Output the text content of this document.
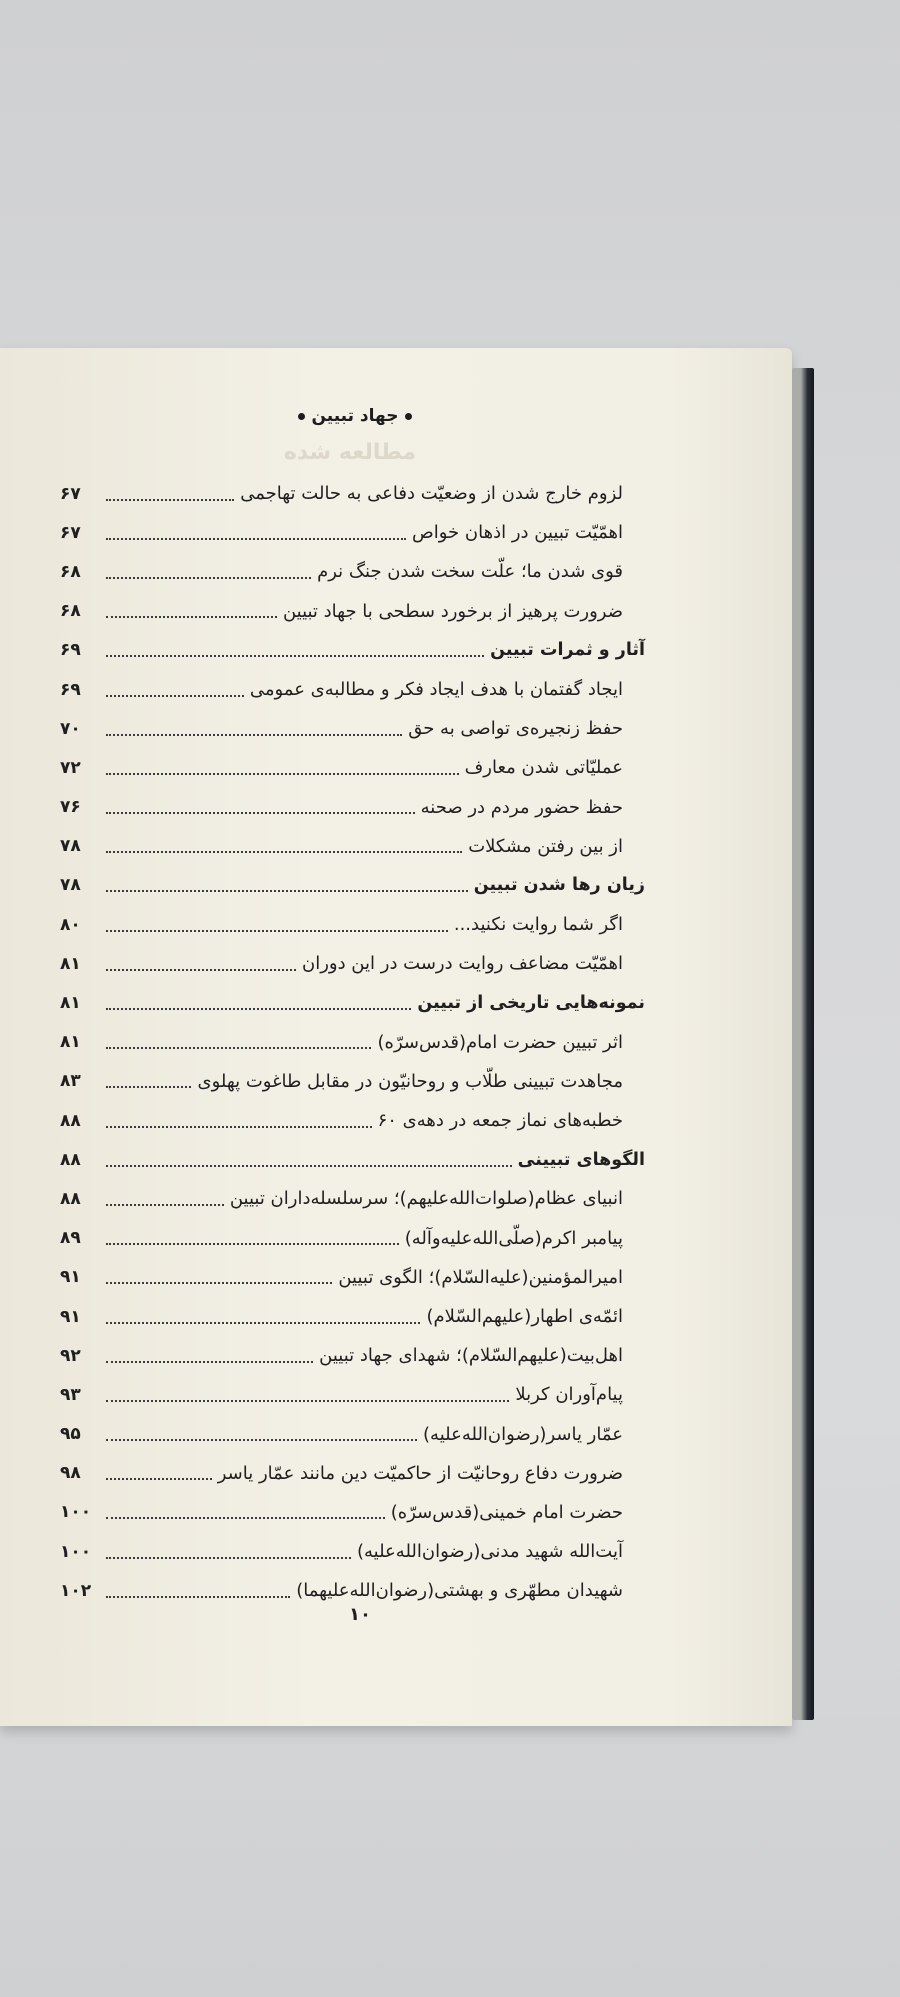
جهاد تبیین
مطالعه شده
لزوم خارج شدن از وضعیّت دفاعی به حالت تهاجمی
۶۷
اهمّیّت تبیین در اذهان خواص
۶۷
قوی شدن ما؛ علّت سخت شدن جنگ نرم
۶۸
ضرورت پرهیز از برخورد سطحی با جهاد تبیین
۶۸
آثار و ثمرات تبیین
۶۹
ایجاد گفتمان با هدف ایجاد فکر و مطالبه‌ی عمومی
۶۹
حفظ زنجیره‌ی تواصی به حق
۷۰
عملیّاتی شدن معارف
۷۲
حفظ حضور مردم در صحنه
۷۶
از بین رفتن مشکلات
۷۸
زیان رها شدن تبیین
۷۸
اگر شما روایت نکنید...
۸۰
اهمّیّت مضاعف روایت درست در این دوران
۸۱
نمونه‌هایی تاریخی از تبیین
۸۱
اثر تبیین حضرت امام(قدس‌سرّه)
۸۱
مجاهدت تبیینی طلّاب و روحانیّون در مقابل طاغوت پهلوی
۸۳
خطبه‌های نماز جمعه در دهه‌ی ۶۰
۸۸
الگوهای تبیینی
۸۸
انبیای عظام(صلوات‌الله‌علیهم)؛ سرسلسله‌داران تبیین
۸۸
پیامبر اکرم(صلّی‌الله‌علیه‌وآله)
۸۹
امیرالمؤمنین(علیه‌السّلام)؛ الگوی تبیین
۹۱
ائمّه‌ی اطهار(علیهم‌السّلام)
۹۱
اهل‌بیت(علیهم‌السّلام)؛ شهدای جهاد تبیین
۹۲
پیام‌آوران کربلا
۹۳
عمّار یاسر(رضوان‌الله‌علیه)
۹۵
ضرورت دفاع روحانیّت از حاکمیّت دین مانند عمّار یاسر
۹۸
حضرت امام خمینی(قدس‌سرّه)
۱۰۰
آیت‌الله شهید مدنی(رضوان‌الله‌علیه)
۱۰۰
شهیدان مطهّری و بهشتی(رضوان‌الله‌علیهما)
۱۰۲
۱۰
